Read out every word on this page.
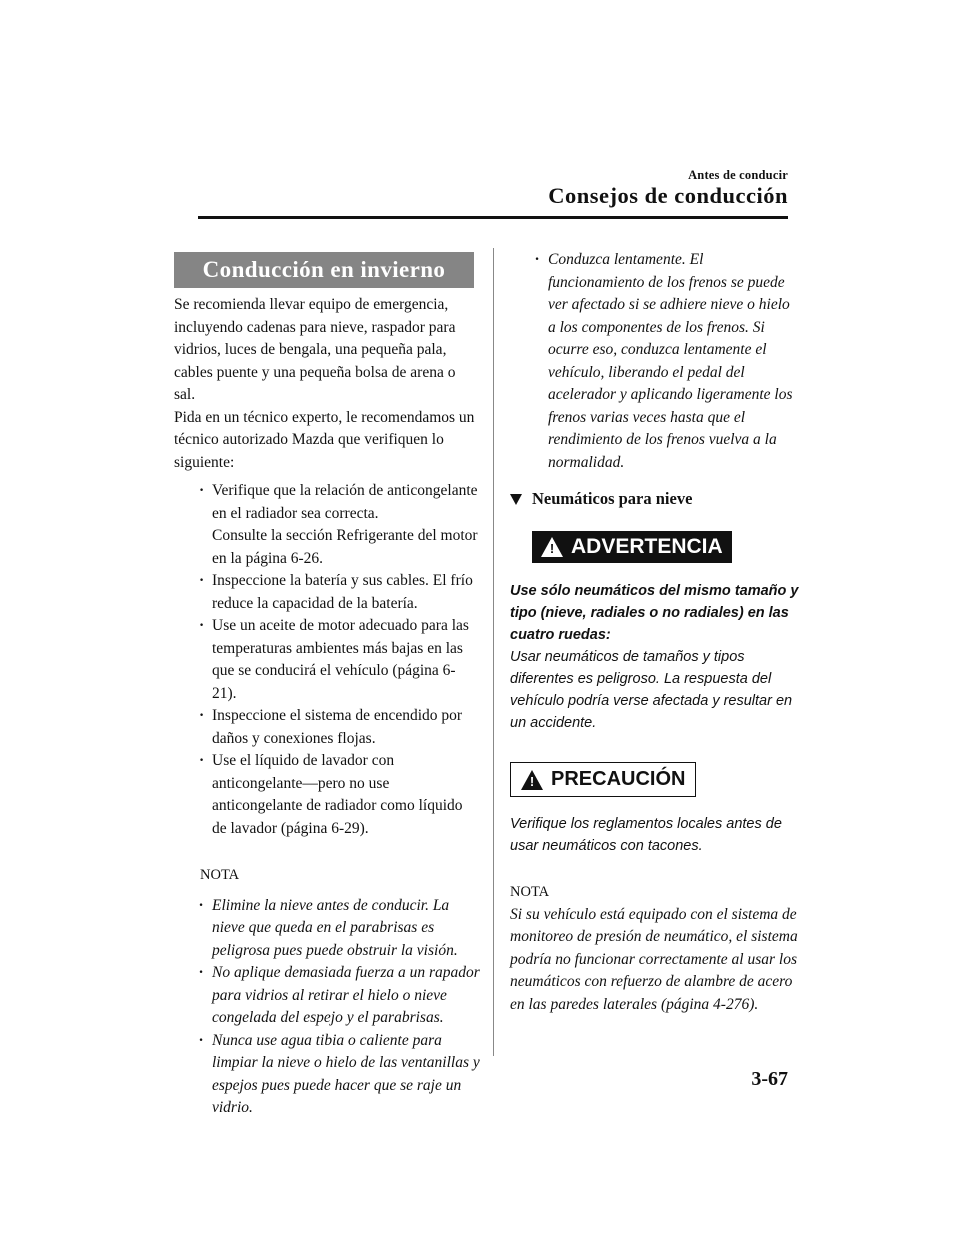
Antes de conducir
Consejos de conducción
Conducción en invierno

Se recomienda llevar equipo de emergencia, incluyendo cadenas para nieve, raspador para vidrios, luces de bengala, una pequeña pala, cables puente y una pequeña bolsa de arena o sal.

Pida en un técnico experto, le recomendamos un técnico autorizado Mazda que verifiquen lo siguiente:

· Verifique que la relación de anticongelante en el radiador sea correcta.
Consulte la sección Refrigerante del motor en la página 6-26.
· Inspeccione la batería y sus cables. El frío reduce la capacidad de la batería.
· Use un aceite de motor adecuado para las temperaturas ambientes más bajas en las que se conducirá el vehículo (página 6-21).
· Inspeccione el sistema de encendido por daños y conexiones flojas.
· Use el líquido de lavador con anticongelante―pero no use anticongelante de radiador como líquido de lavador (página 6-29).
NOTA
· Elimine la nieve antes de conducir. La nieve que queda en el parabrisas es peligrosa pues puede obstruir la visión.
· No aplique demasiada fuerza a un rapador para vidrios al retirar el hielo o nieve congelada del espejo y el parabrisas.
· Nunca use agua tibia o caliente para limpiar la nieve o hielo de las ventanillas y espejos pues puede hacer que se raje un vidrio.
· Conduzca lentamente. El funcionamiento de los frenos se puede ver afectado si se adhiere nieve o hielo a los componentes de los frenos. Si ocurre eso, conduzca lentamente el vehículo, liberando el pedal del acelerador y aplicando ligeramente los frenos varias veces hasta que el rendimiento de los frenos vuelva a la normalidad.
Neumáticos para nieve
! ADVERTENCIA
Use sólo neumáticos del mismo tamaño y tipo (nieve, radiales o no radiales) en las cuatro ruedas:
Usar neumáticos de tamaños y tipos diferentes es peligroso. La respuesta del vehículo podría verse afectada y resultar en un accidente.
! PRECAUCIÓN
Verifique los reglamentos locales antes de usar neumáticos con tacones.
NOTA
Si su vehículo está equipado con el sistema de monitoreo de presión de neumático, el sistema podría no funcionar correctamente al usar los neumáticos con refuerzo de alambre de acero en las paredes laterales (página 4-276).
3-67
